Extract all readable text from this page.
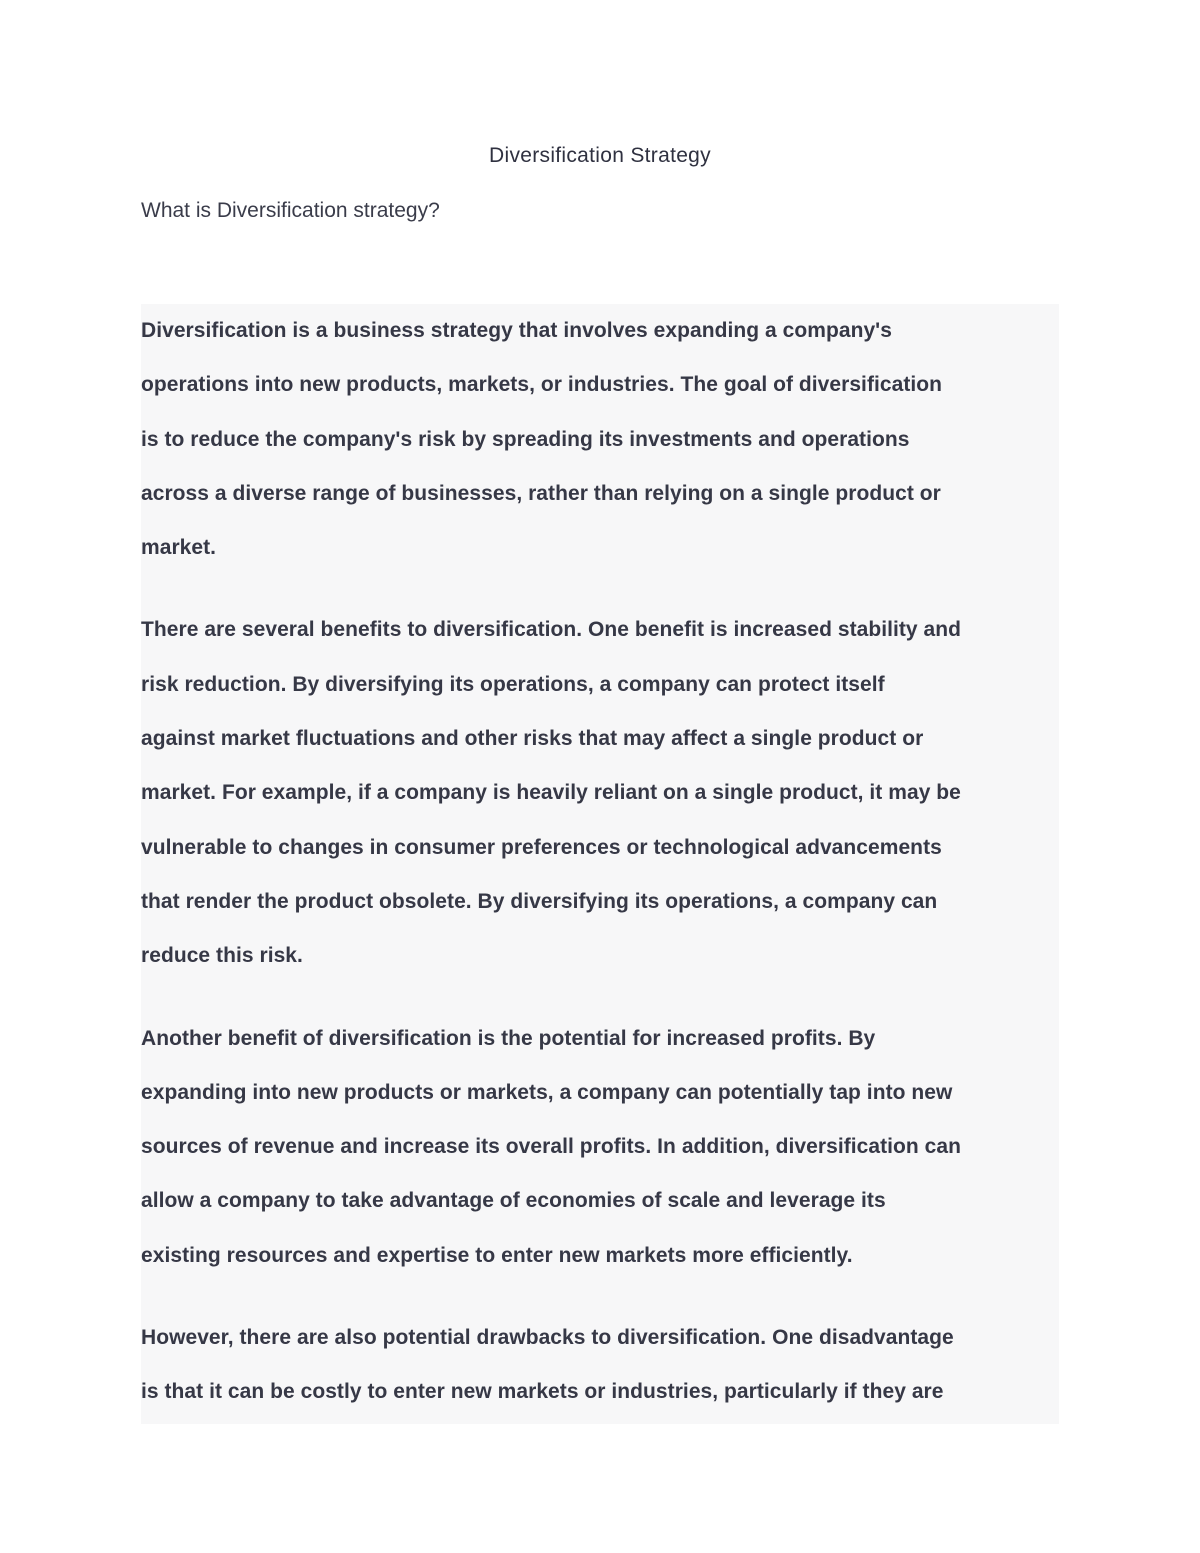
Diversification Strategy

What is Diversification strategy?

Diversification is a business strategy that involves expanding a company's
operations into new products, markets, or industries. The goal of diversification
is to reduce the company's risk by spreading its investments and operations
across a diverse range of businesses, rather than relying on a single product or
market.

There are several benefits to diversification. One benefit is increased stability and
risk reduction. By diversifying its operations, a company can protect itself
against market fluctuations and other risks that may affect a single product or
market. For example, if a company is heavily reliant on a single product, it may be
vulnerable to changes in consumer preferences or technological advancements
that render the product obsolete. By diversifying its operations, a company can
reduce this risk.

Another benefit of diversification is the potential for increased profits. By
expanding into new products or markets, a company can potentially tap into new
sources of revenue and increase its overall profits. In addition, diversification can
allow a company to take advantage of economies of scale and leverage its
existing resources and expertise to enter new markets more efficiently.

However, there are also potential drawbacks to diversification. One disadvantage
is that it can be costly to enter new markets or industries, particularly if they are
